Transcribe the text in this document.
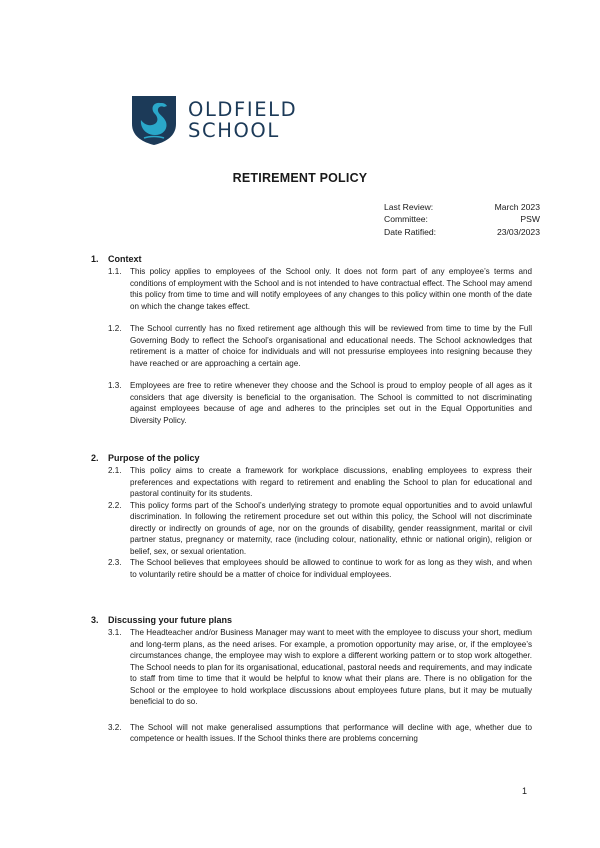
OLDFIELD
SCHOOL
RETIREMENT POLICY
Last Review:	March 2023
Committee:	PSW
Date Ratified:	23/03/2023
1.	Context
1.1.	This policy applies to employees of the School only. It does not form part of any employee’s terms and conditions of employment with the School and is not intended to have contractual effect. The School may amend this policy from time to time and will notify employees of any changes to this policy within one month of the date on which the change takes effect.
1.2.	The School currently has no fixed retirement age although this will be reviewed from time to time by the Full Governing Body to reflect the School’s organisational and educational needs. The School acknowledges that retirement is a matter of choice for individuals and will not pressurise employees into resigning because they have reached or are approaching a certain age.
1.3.	Employees are free to retire whenever they choose and the School is proud to employ people of all ages as it considers that age diversity is beneficial to the organisation. The School is committed to not discriminating against employees because of age and adheres to the principles set out in the Equal Opportunities and Diversity Policy.
2.	Purpose of the policy
2.1.	This policy aims to create a framework for workplace discussions, enabling employees to express their preferences and expectations with regard to retirement and enabling the School to plan for educational and pastoral continuity for its students.
2.2.	This policy forms part of the School’s underlying strategy to promote equal opportunities and to avoid unlawful discrimination. In following the retirement procedure set out within this policy, the School will not discriminate directly or indirectly on grounds of age, nor on the grounds of disability, gender reassignment, marital or civil partner status, pregnancy or maternity, race (including colour, nationality, ethnic or national origin), religion or belief, sex, or sexual orientation.
2.3.	The School believes that employees should be allowed to continue to work for as long as they wish, and when to voluntarily retire should be a matter of choice for individual employees.
3.	Discussing your future plans
3.1.	The Headteacher and/or Business Manager may want to meet with the employee to discuss your short, medium and long-term plans, as the need arises. For example, a promotion opportunity may arise, or, if the employee’s circumstances change, the employee may wish to explore a different working pattern or to stop work altogether. The School needs to plan for its organisational, educational, pastoral needs and requirements, and may indicate to staff from time to time that it would be helpful to know what their plans are. There is no obligation for the School or the employee to hold workplace discussions about employees future plans, but it may be mutually beneficial to do so.
3.2.	The School will not make generalised assumptions that performance will decline with age, whether due to competence or health issues. If the School thinks there are problems concerning
1
